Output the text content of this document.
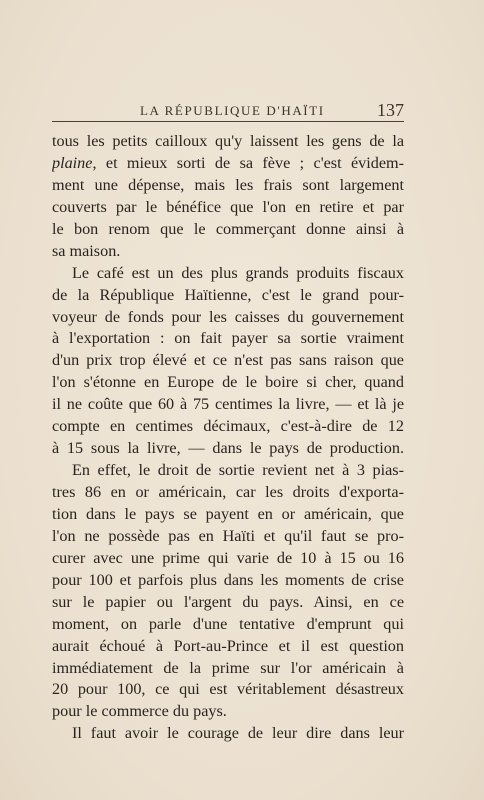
LA RÉPUBLIQUE D'HAÏTI	137
tous les petits cailloux qu'y laissent les gens de la
plaine, et mieux sorti de sa fève ; c'est évidem-
ment une dépense, mais les frais sont largement
couverts par le bénéfice que l'on en retire et par
le bon renom que le commerçant donne ainsi à
sa maison.
Le café est un des plus grands produits fiscaux
de la République Haïtienne, c'est le grand pour-
voyeur de fonds pour les caisses du gouvernement
à l'exportation : on fait payer sa sortie vraiment
d'un prix trop élevé et ce n'est pas sans raison que
l'on s'étonne en Europe de le boire si cher, quand
il ne coûte que 60 à 75 centimes la livre, — et là je
compte en centimes décimaux, c'est-à-dire de 12
à 15 sous la livre, — dans le pays de production.
En effet, le droit de sortie revient net à 3 pias-
tres 86 en or américain, car les droits d'exporta-
tion dans le pays se payent en or américain, que
l'on ne possède pas en Haïti et qu'il faut se pro-
curer avec une prime qui varie de 10 à 15 ou 16
pour 100 et parfois plus dans les moments de crise
sur le papier ou l'argent du pays. Ainsi, en ce
moment, on parle d'une tentative d'emprunt qui
aurait échoué à Port-au-Prince et il est question
immédiatement de la prime sur l'or américain à
20 pour 100, ce qui est véritablement désastreux
pour le commerce du pays.
Il faut avoir le courage de leur dire dans leur
